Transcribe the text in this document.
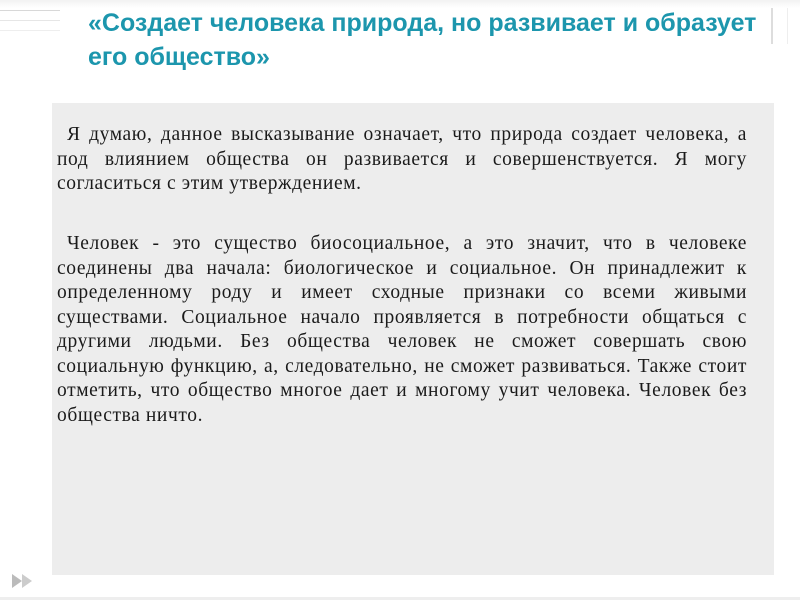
«Создает человека природа, но развивает и образует его общество»

Я думаю, данное высказывание означает, что природа создает человека, а под влиянием общества он развивается и совершенствуется. Я могу согласиться с этим утверждением.

Человек - это существо биосоциальное, а это значит, что в человеке соединены два начала: биологическое и социальное. Он принадлежит к определенному роду и имеет сходные признаки со всеми живыми существами. Социальное начало проявляется в потребности общаться с другими людьми. Без общества человек не сможет совершать свою социальную функцию, а, следовательно, не сможет развиваться. Также стоит отметить, что общество многое дает и многому учит человека. Человек без общества ничто.
